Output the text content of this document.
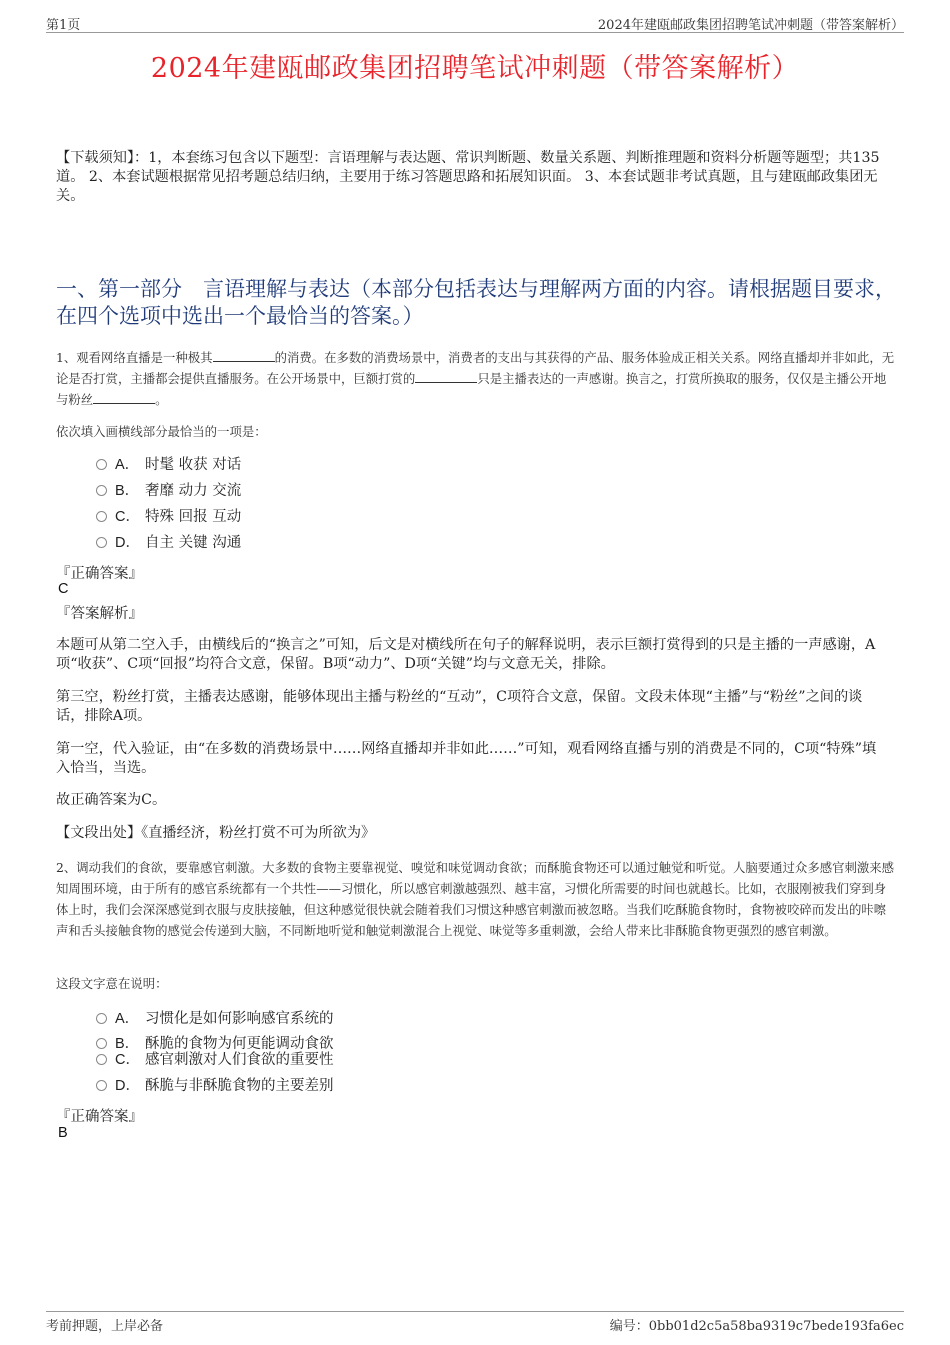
第1页	2024年建瓯邮政集团招聘笔试冲刺题（带答案解析）
2024年建瓯邮政集团招聘笔试冲刺题（带答案解析）
【下载须知】：1，本套练习包含以下题型：言语理解与表达题、常识判断题、数量关系题、判断推理题和资料分析题等题型；共135道。 2、本套试题根据常见招考题总结归纳，主要用于练习答题思路和拓展知识面。 3、本套试题非考试真题，且与建瓯邮政集团无关。
一、第一部分　言语理解与表达（本部分包括表达与理解两方面的内容。请根据题目要求，在四个选项中选出一个最恰当的答案。）
1、观看网络直播是一种极其	的消费。在多数的消费场景中，消费者的支出与其获得的产品、服务体验成正相关关系。网络直播却并非如此，无论是否打赏，主播都会提供直播服务。在公开场景中，巨额打赏的	只是主播表达的一声感谢。换言之，打赏所换取的服务，仅仅是主播公开地与粉丝	。
依次填入画横线部分最恰当的一项是：
A． 时髦 收获 对话
B． 奢靡 动力 交流
C． 特殊 回报 互动
D． 自主 关键 沟通
『正确答案』
C
『答案解析』
本题可从第二空入手，由横线后的“换言之”可知，后文是对横线所在句子的解释说明，表示巨额打赏得到的只是主播的一声感谢，A项“收获”、C项“回报”均符合文意，保留。B项“动力”、D项“关键”均与文意无关，排除。
第三空，粉丝打赏，主播表达感谢，能够体现出主播与粉丝的“互动”，C项符合文意，保留。文段未体现“主播”与“粉丝”之间的谈话，排除A项。
第一空，代入验证，由“在多数的消费场景中……网络直播却并非如此……”可知，观看网络直播与别的消费是不同的，C项“特殊”填入恰当，当选。
故正确答案为C。
【文段出处】《直播经济，粉丝打赏不可为所欲为》
2、调动我们的食欲，要靠感官刺激。大多数的食物主要靠视觉、嗅觉和味觉调动食欲；而酥脆食物还可以通过触觉和听觉。人脑要通过众多感官刺激来感知周围环境，由于所有的感官系统都有一个共性——习惯化，所以感官刺激越强烈、越丰富，习惯化所需要的时间也就越长。比如，衣服刚被我们穿到身体上时，我们会深深感觉到衣服与皮肤接触，但这种感觉很快就会随着我们习惯这种感官刺激而被忽略。当我们吃酥脆食物时，食物被咬碎而发出的咔嚓声和舌头接触食物的感觉会传递到大脑，不同断地听觉和触觉刺激混合上视觉、味觉等多重刺激，会给人带来比非酥脆食物更强烈的感官刺激。
这段文字意在说明：
A． 习惯化是如何影响感官系统的
B． 酥脆的食物为何更能调动食欲
C． 感官刺激对人们食欲的重要性
D． 酥脆与非酥脆食物的主要差别
『正确答案』
B
考前押题，上岸必备	编号：0bb01d2c5a58ba9319c7bede193fa6ec
